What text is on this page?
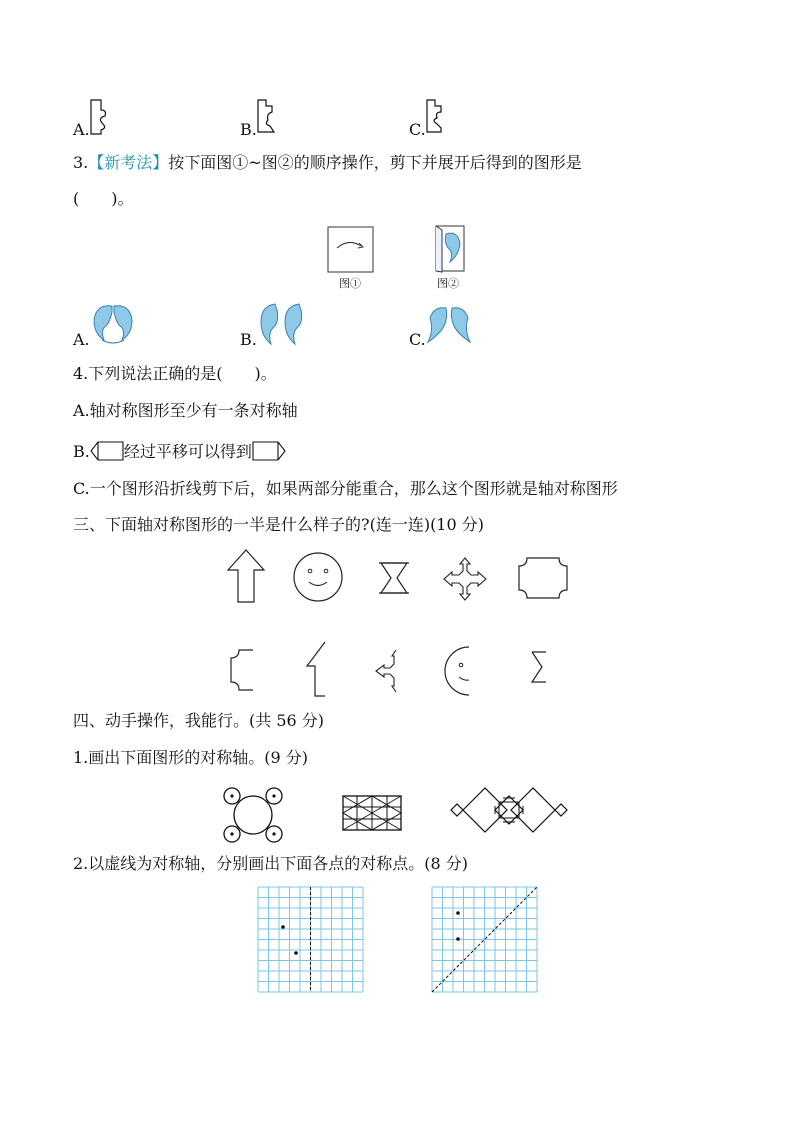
A.	B.	C.
3.【新考法】按下面图①~图②的顺序操作，剪下并展开后得到的图形是
(　　)。
图①	图②
A.	B.	C.
4.下列说法正确的是(　　)。
A.轴对称图形至少有一条对称轴
B. 经过平移可以得到
C.一个图形沿折线剪下后，如果两部分能重合，那么这个图形就是轴对称图形
三、下面轴对称图形的一半是什么样子的?(连一连)(10 分)
四、动手操作，我能行。(共 56 分)
1.画出下面图形的对称轴。(9 分)
2.以虚线为对称轴，分别画出下面各点的对称点。(8 分)
